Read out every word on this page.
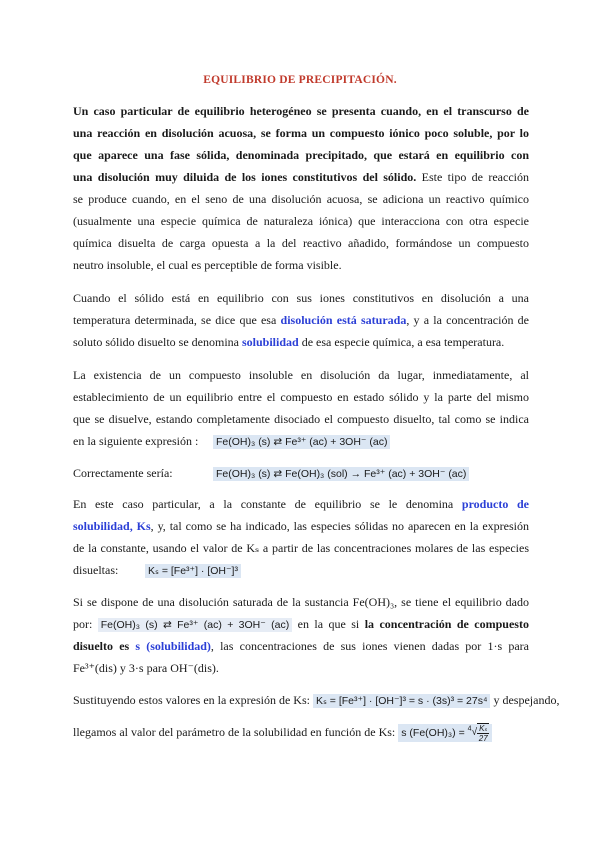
EQUILIBRIO DE PRECIPITACIÓN.
Un caso particular de equilibrio heterogéneo se presenta cuando, en el transcurso de
una reacción en disolución acuosa, se forma un compuesto iónico poco soluble, por lo
que aparece una fase sólida, denominada precipitado, que estará en equilibrio con
una disolución muy diluida de los iones constitutivos del sólido. Este tipo de reacción
se produce cuando, en el seno de una disolución acuosa, se adiciona un reactivo químico
(usualmente una especie química de naturaleza iónica) que interacciona con otra especie
química disuelta de carga opuesta a la del reactivo añadido, formándose un compuesto
neutro insoluble, el cual es perceptible de forma visible.
Cuando el sólido está en equilibrio con sus iones constitutivos en disolución a una
temperatura determinada, se dice que esa disolución está saturada, y a la concentración de
soluto sólido disuelto se denomina solubilidad de esa especie química, a esa temperatura.
La existencia de un compuesto insoluble en disolución da lugar, inmediatamente, al
establecimiento de un equilibrio entre el compuesto en estado sólido y la parte del mismo
que se disuelve, estando completamente disociado el compuesto disuelto, tal como se indica
en la siguiente expresión : Fe(OH)₃ (s) ⇄ Fe³⁺ (ac) + 3OH⁻ (ac)
Correctamente sería:	Fe(OH)₃ (s) ⇄ Fe(OH)₃ (sol) → Fe³⁺ (ac) + 3OH⁻ (ac)
En este caso particular, a la constante de equilibrio se le denomina producto de
solubilidad, Ks, y, tal como se ha indicado, las especies sólidas no aparecen en la expresión
de la constante, usando el valor de Kₛ a partir de las concentraciones molares de las especies
disueltas:	Kₛ = [Fe³⁺] · [OH⁻]³
Si se dispone de una disolución saturada de la sustancia Fe(OH)₃, se tiene el equilibrio dado
por: Fe(OH)₃ (s) ⇄ Fe³⁺ (ac) + 3OH⁻ (ac) en la que si la concentración de compuesto
disuelto es s (solubilidad), las concentraciones de sus iones vienen dadas por 1·s para
Fe³⁺(dis) y 3·s para OH⁻(dis).
Sustituyendo estos valores en la expresión de Ks: Kₛ = [Fe³⁺] · [OH⁻]³ = s · (3s)³ = 27s⁴ y despejando,
llegamos al valor del parámetro de la solubilidad en función de Ks: s $(Fe(OH)_3) = ^4√ \frac{\text{Kₛ}}{27}$
